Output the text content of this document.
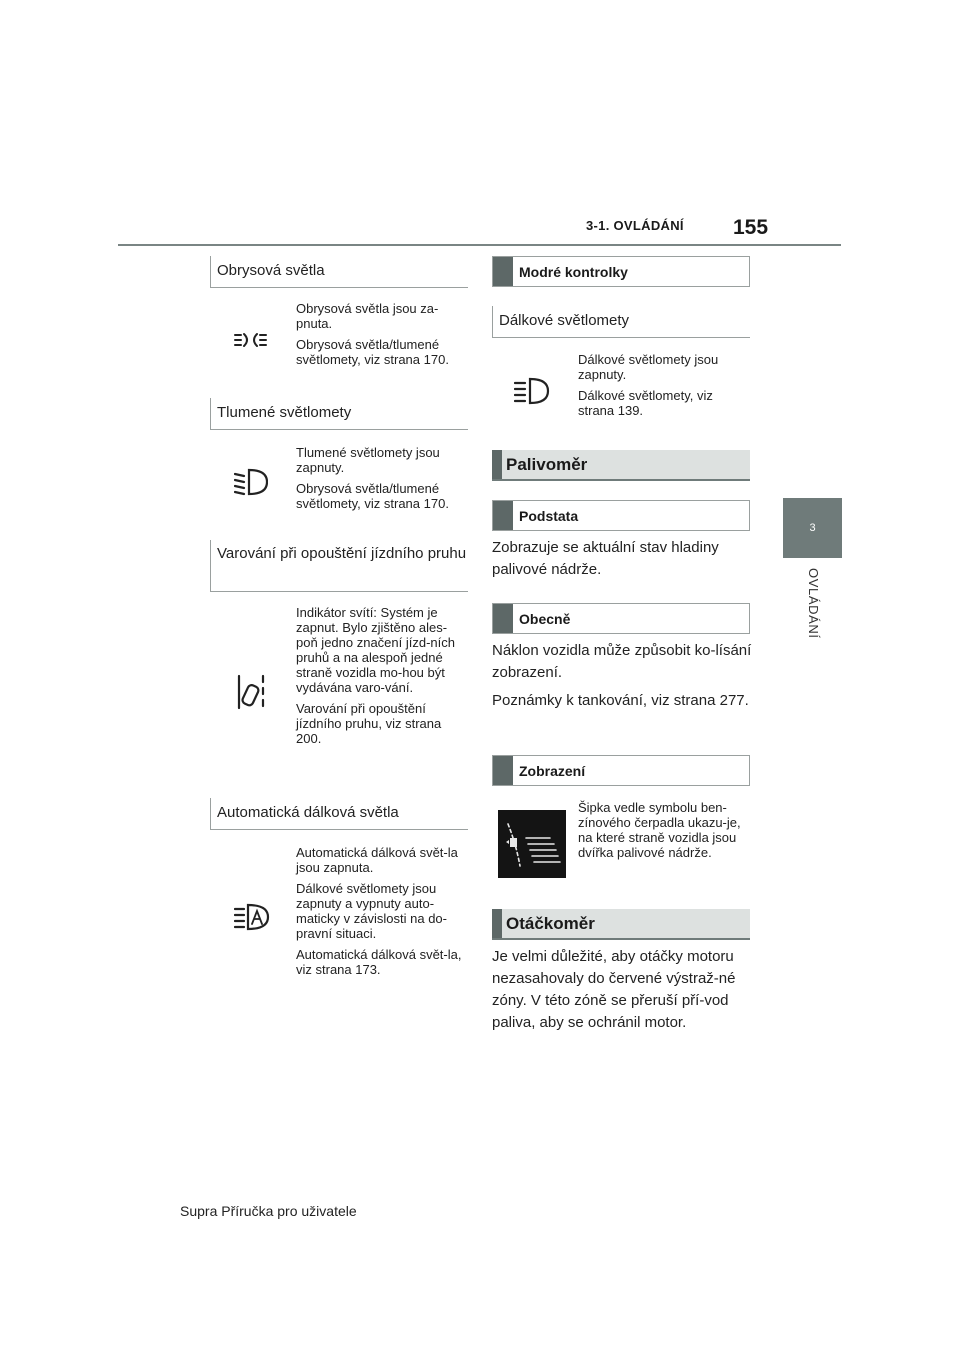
3-1. OVLÁDÁNÍ 155
3
OVLÁDÁNÍ
Obrysová světla

Obrysová světla jsou za-pnuta.

Obrysová světla/tlumené světlomety, viz strana 170.

Tlumené světlomety

Tlumené světlomety jsou zapnuty.

Obrysová světla/tlumené světlomety, viz strana 170.

Varování při opouštění jízdního pruhu

Indikátor svítí: Systém je zapnut. Bylo zjištěno ales-poň jedno značení jízd-ních pruhů a na alespoň jedné straně vozidla mo-hou být vydávána varo-vání.

Varování při opouštění jízdního pruhu, viz strana 200.

Automatická dálková světla

Automatická dálková svět-la jsou zapnuta.

Dálkové světlomety jsou zapnuty a vypnuty auto-maticky v závislosti na do-pravní situaci.

Automatická dálková svět-la, viz strana 173.

Modré kontrolky
Dálkové světlomety

Dálkové světlomety jsou zapnuty.

Dálkové světlomety, viz strana 139.

Palivoměr
Podstata

Zobrazuje se aktuální stav hladiny palivové nádrže.

Obecně

Náklon vozidla může způsobit ko-lísání zobrazení.

Poznámky k tankování, viz strana 277.

Zobrazení

Šipka vedle symbolu ben-zínového čerpadla ukazu-je, na které straně vozidla jsou dvířka palivové nádrže.

Otáčkoměr

Je velmi důležité, aby otáčky motoru nezasahovaly do červené výstraž-né zóny. V této zóně se přeruší pří-vod paliva, aby se ochránil motor.

Supra Příručka pro uživatele
